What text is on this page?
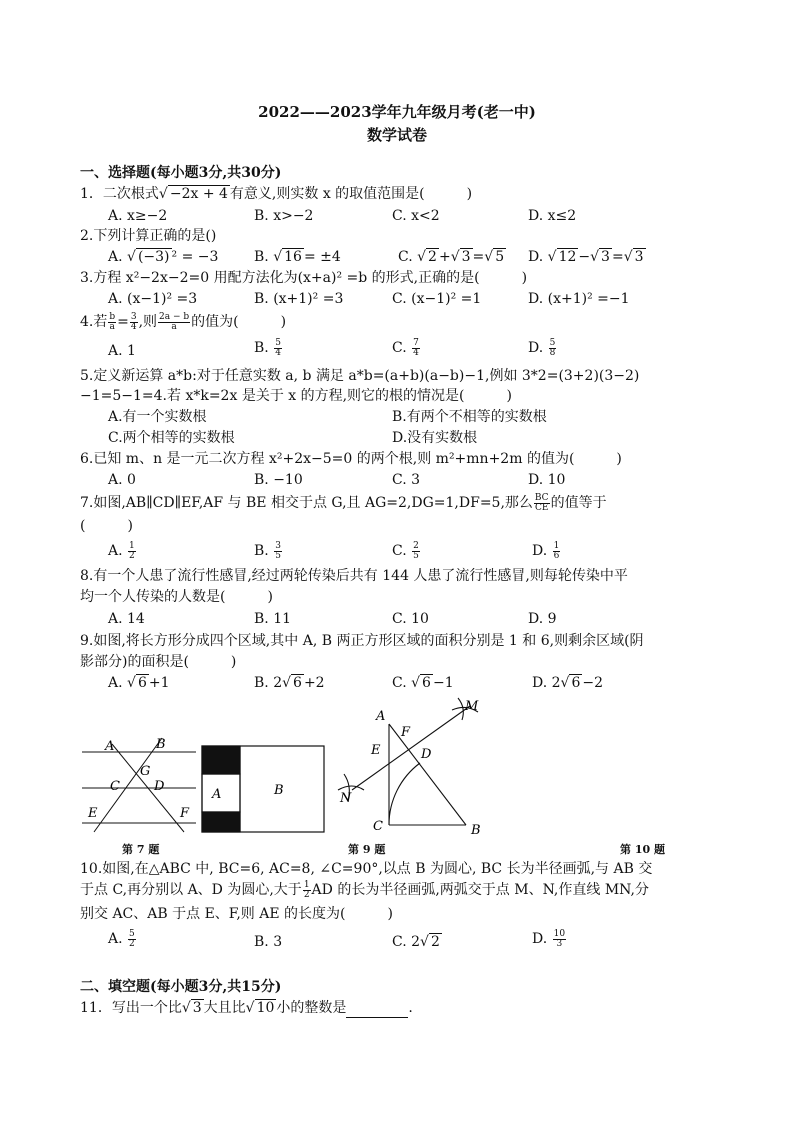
2022——2023学年九年级月考(老一中)
数学试卷
一、选择题(每小题3分,共30分)
1．二次根式√ −2x + 4 有意义,则实数 x 的取值范围是(　　　)
A. x≥−2	B. x>−2	C. x<2	D. x≤2
2.下列计算正确的是()
A. √ (−3) ² = −3	B. √ 16 = ±4	C. √ 2 +√ 3 =√ 5 D. √ 12 −√ 3 =√ 3
3.方程 x²−2x−2=0 用配方法化为(x+a)² =b 的形式,正确的是(　　　)
A. (x−1)² =3	B. (x+1)² =3	C. (x−1)² =1	D. (x+1)² =−1
4.若 $\frac{b}{a} = \frac{3}{4}$ ,则 $\frac{2a - b}{a}$ 的值为(　　　)
A. 1	B. $\frac{5}{4}$	C. $\frac{7}{4}$	D. $\frac{5}{8}$
5.定义新运算 a*b:对于任意实数 a, b 满足 a*b=(a+b)(a−b)−1,例如 3*2=(3+2)(3−2)
−1=5−1=4.若 x*k=2x 是关于 x 的方程,则它的根的情况是(　　　)
A.有一个实数根	B.有两个不相等的实数根
C.两个相等的实数根	D.没有实数根
6.已知 m、n 是一元二次方程 x²+2x−5=0 的两个根,则 m²+mn+2m 的值为(　　　)
A. 0	B. −10	C. 3	D. 10
7.如图,AB∥CD∥EF,AF 与 BE 相交于点 G,且 AG=2,DG=1,DF=5,那么 $\frac{BC}{CE}$ 的值等于
(　　　)
A. $\frac{1}{2}$	B. $\frac{3}{5}$	C. $\frac{2}{5}$	D. $\frac{1}{6}$
8.有一个人患了流行性感冒,经过两轮传染后共有 144 人患了流行性感冒,则每轮传染中平
均一个人传染的人数是(　　　)
A. 14	B. 11	C. 10	D. 9
9.如图,将长方形分成四个区域,其中 A, B 两正方形区域的面积分别是 1 和 6,则剩余区域(阴
影部分)的面积是(　　　)
A. √ 6 +1	B. 2√ 6 +2	C. √ 6 −1	D. 2√ 6 −2
A	B
G
C	D
E	F
A	B
A
B
C
D
E
F
M
N
第 7 题	第 9 题	第 10 题
10.如图,在△ABC 中, BC=6, AC=8, ∠C=90°,以点 B 为圆心, BC 长为半径画弧,与 AB 交
于点 C,再分别以 A、D 为圆心,大于 $\frac{1}{2}$ AD 的长为半径画弧,两弧交于点 M、N,作直线 MN,分
别交 AC、AB 于点 E、F,则 AE 的长度为(　　　)
A. $\frac{5}{2}$	B. 3	C. 2√ 2	D. $\frac{10}{3}$
二、填空题(每小题3分,共15分)
11．写出一个比√ 3 大且比√ 10 小的整数是	.
